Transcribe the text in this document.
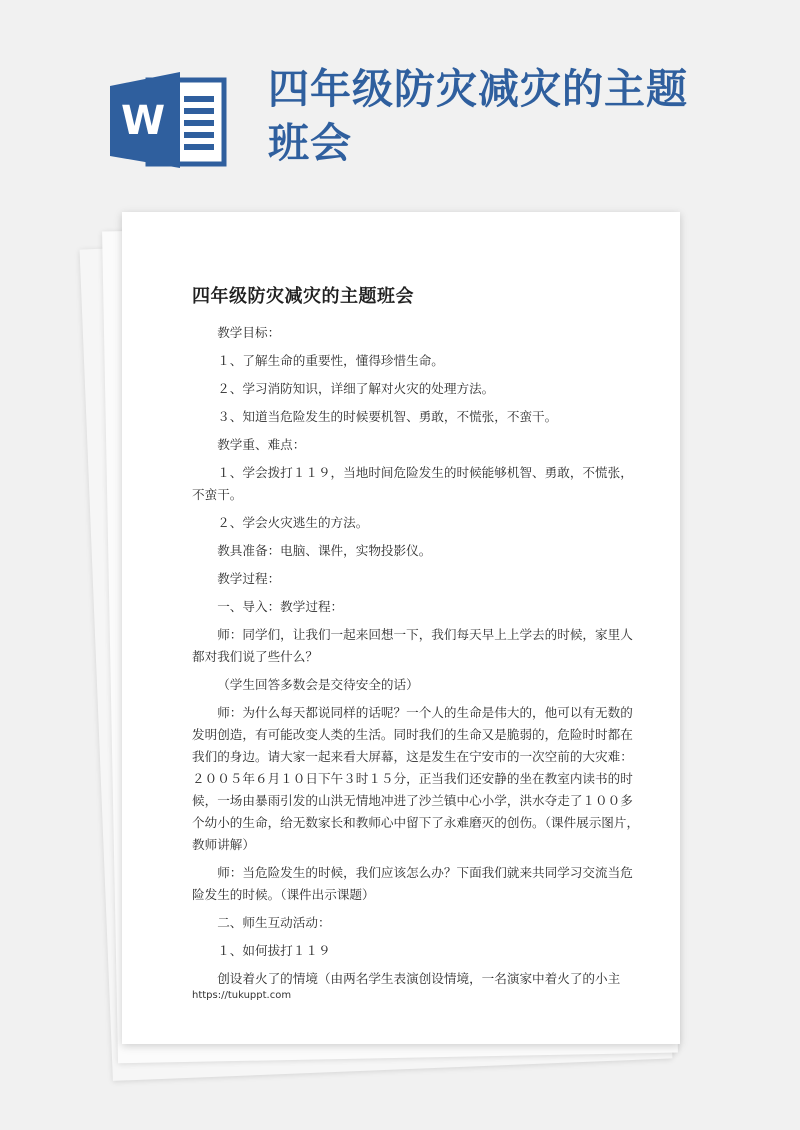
W
四年级防灾减灾的主题
班会
四年级防灾减灾的主题班会

教学目标：

１、了解生命的重要性，懂得珍惜生命。

２、学习消防知识，详细了解对火灾的处理方法。

３、知道当危险发生的时候要机智、勇敢，不慌张，不蛮干。

教学重、难点：

１、学会拨打１１９，当地时间危险发生的时候能够机智、勇敢，不慌张，不蛮干。

２、学会火灾逃生的方法。

教具准备：电脑、课件，实物投影仪。

教学过程：

一、导入：教学过程：

师：同学们，让我们一起来回想一下，我们每天早上上学去的时候，家里人都对我们说了些什么？

（学生回答多数会是交待安全的话）

师：为什么每天都说同样的话呢？一个人的生命是伟大的，他可以有无数的发明创造，有可能改变人类的生活。同时我们的生命又是脆弱的，危险时时都在我们的身边。请大家一起来看大屏幕，这是发生在宁安市的一次空前的大灾难：２００５年６月１０日下午３时１５分，正当我们还安静的坐在教室内读书的时候，一场由暴雨引发的山洪无情地冲进了沙兰镇中心小学，洪水夺走了１００多个幼小的生命，给无数家长和教师心中留下了永难磨灭的创伤。（课件展示图片，教师讲解）

师：当危险发生的时候，我们应该怎么办？下面我们就来共同学习交流当危险发生的时候。（课件出示课题）

二、师生互动活动：

１、如何拔打１１９

创设着火了的情境（由两名学生表演创设情境，一名演家中着火了的小主

https://tukuppt.com
